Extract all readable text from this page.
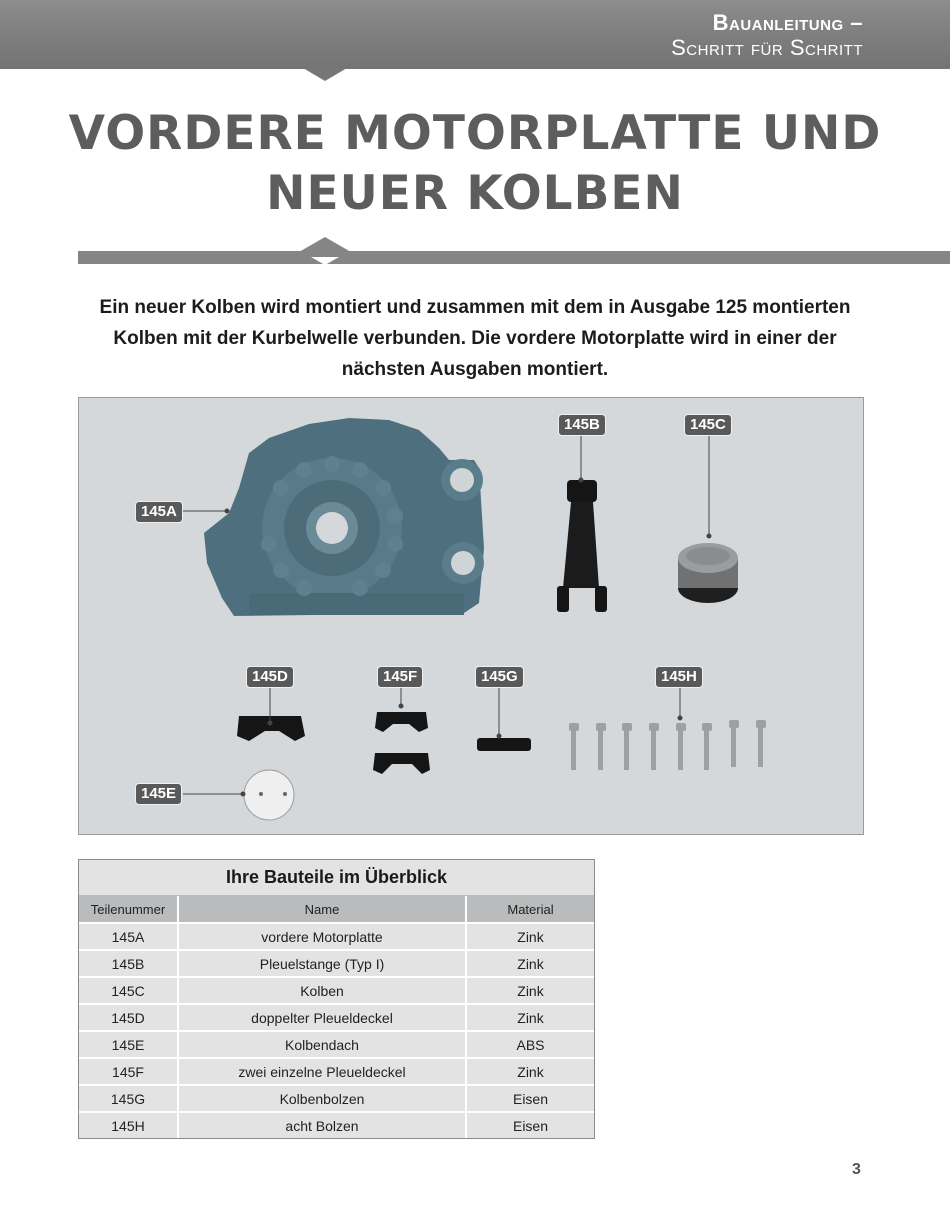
Bauanleitung –
Schritt für Schritt
VORDERE MOTORPLATTE UND
NEUER KOLBEN
Ein neuer Kolben wird montiert und zusammen mit dem in Ausgabe 125 montierten Kolben mit der Kurbelwelle verbunden. Die vordere Motorplatte wird in einer der nächsten Ausgaben montiert.
145A
145B	145C
145D	145F	145G	145H
145E
Ihre Bauteile im Überblick
Teilenummer	Name	Material
145A	vordere Motorplatte	Zink
145B	Pleuelstange (Typ I)	Zink
145C	Kolben	Zink
145D	doppelter Pleueldeckel	Zink
145E	Kolbendach	ABS
145F	zwei einzelne Pleueldeckel	Zink
145G	Kolbenbolzen	Eisen
145H	acht Bolzen	Eisen
3
